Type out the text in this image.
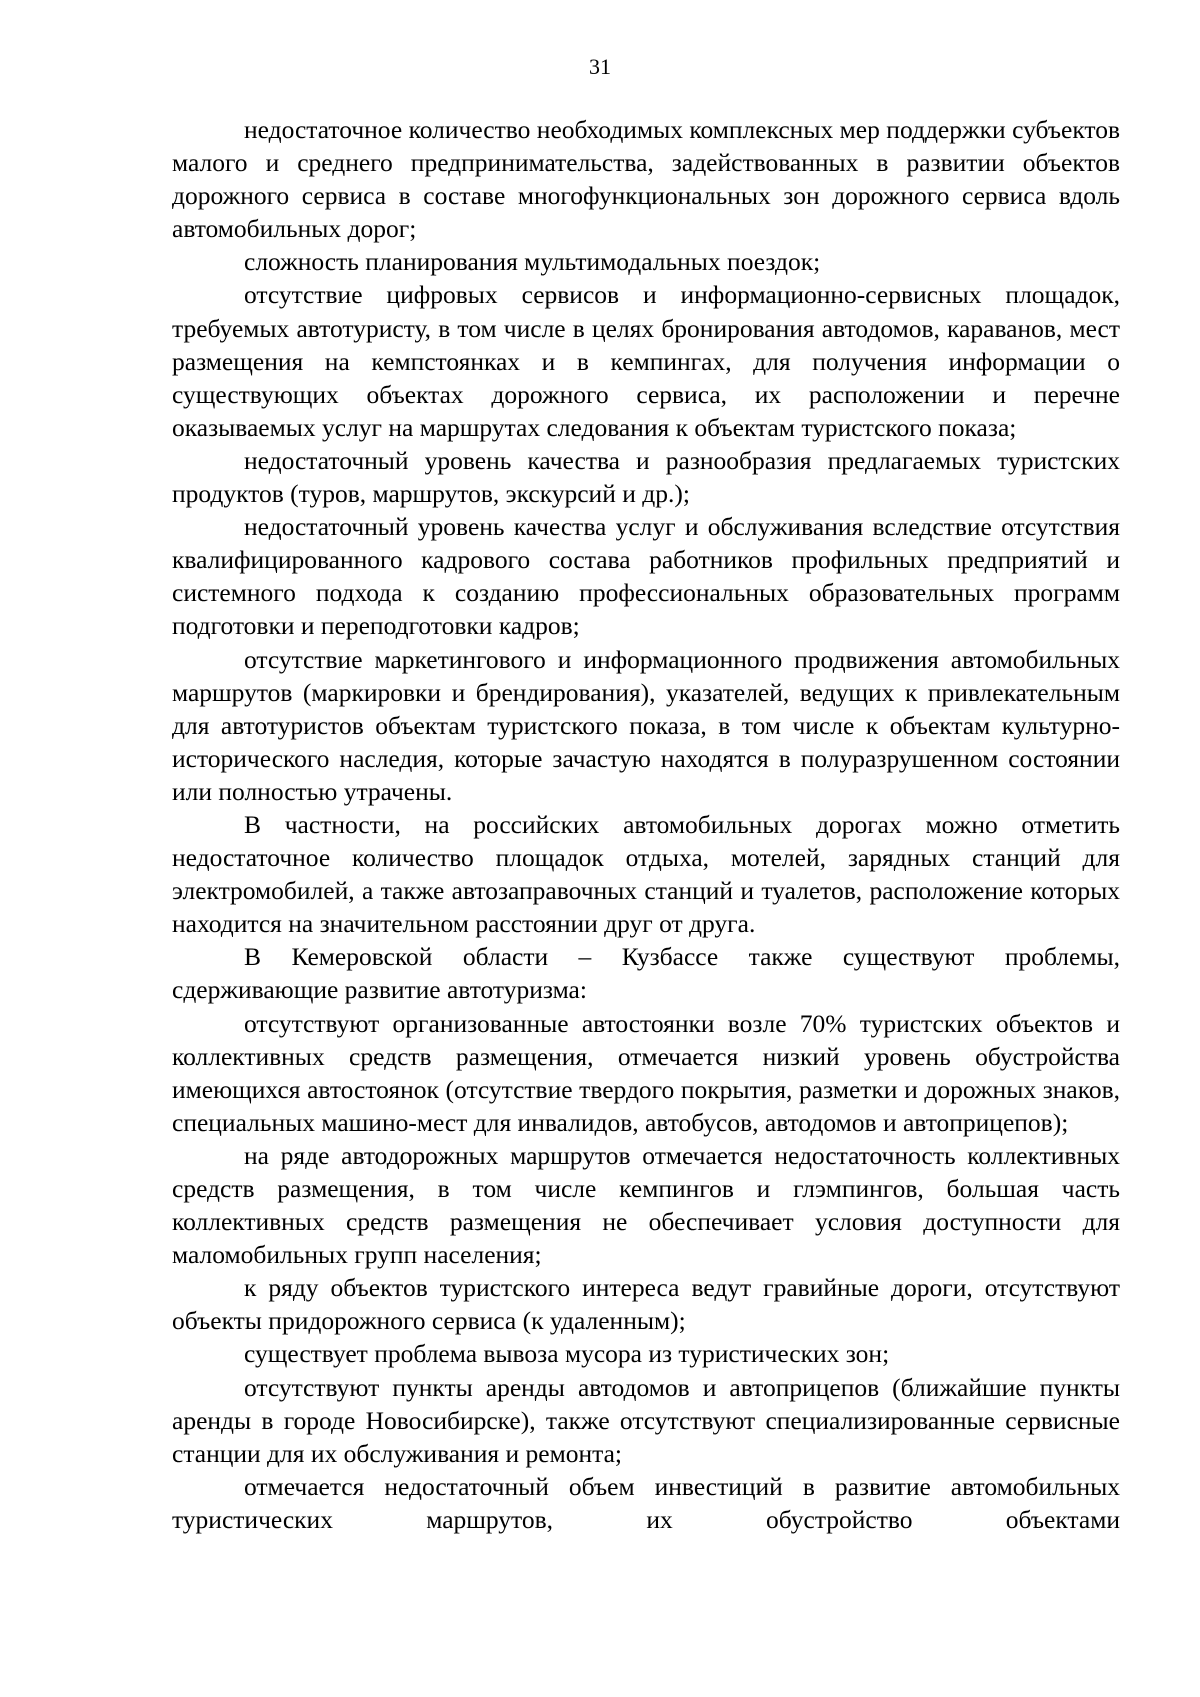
31

недостаточное количество необходимых комплексных мер поддержки субъектов малого и среднего предпринимательства, задействованных в развитии объектов дорожного сервиса в составе многофункциональных зон дорожного сервиса вдоль автомобильных дорог;

сложность планирования мультимодальных поездок;

отсутствие цифровых сервисов и информационно-сервисных площадок, требуемых автотуристу, в том числе в целях бронирования автодомов, караванов, мест размещения на кемпстоянках и в кемпингах, для получения информации о существующих объектах дорожного сервиса, их расположении и перечне оказываемых услуг на маршрутах следования к объектам туристского показа;

недостаточный уровень качества и разнообразия предлагаемых туристских продуктов (туров, маршрутов, экскурсий и др.);

недостаточный уровень качества услуг и обслуживания вследствие отсутствия квалифицированного кадрового состава работников профильных предприятий и системного подхода к созданию профессиональных образовательных программ подготовки и переподготовки кадров;

отсутствие маркетингового и информационного продвижения автомобильных маршрутов (маркировки и брендирования), указателей, ведущих к привлекательным для автотуристов объектам туристского показа, в том числе к объектам культурно-исторического наследия, которые зачастую находятся в полуразрушенном состоянии или полностью утрачены.

В частности, на российских автомобильных дорогах можно отметить недостаточное количество площадок отдыха, мотелей, зарядных станций для электромобилей, а также автозаправочных станций и туалетов, расположение которых находится на значительном расстоянии друг от друга.

В Кемеровской области – Кузбассе также существуют проблемы, сдерживающие развитие автотуризма:

отсутствуют организованные автостоянки возле 70% туристских объектов и коллективных средств размещения, отмечается низкий уровень обустройства имеющихся автостоянок (отсутствие твердого покрытия, разметки и дорожных знаков, специальных машино-мест для инвалидов, автобусов, автодомов и автоприцепов);

на ряде автодорожных маршрутов отмечается недостаточность коллективных средств размещения, в том числе кемпингов и глэмпингов, большая часть коллективных средств размещения не обеспечивает условия доступности для маломобильных групп населения;

к ряду объектов туристского интереса ведут гравийные дороги, отсутствуют объекты придорожного сервиса (к удаленным);

существует проблема вывоза мусора из туристических зон;

отсутствуют пункты аренды автодомов и автоприцепов (ближайшие пункты аренды в городе Новосибирске), также отсутствуют специализированные сервисные станции для их обслуживания и ремонта;

отмечается недостаточный объем инвестиций в развитие автомобильных туристических маршрутов, их обустройство объектами
